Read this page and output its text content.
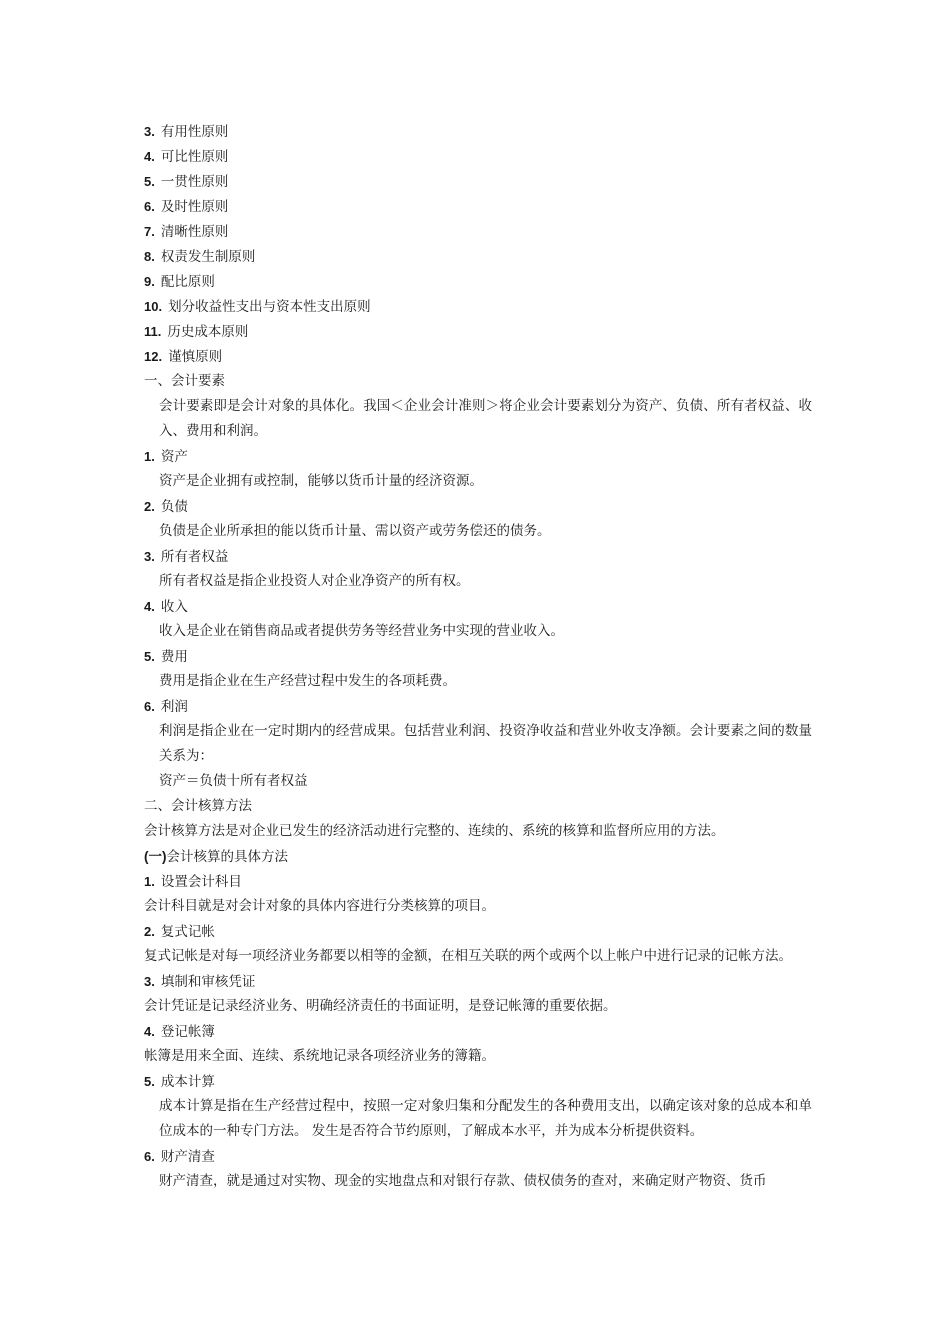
3. 有用性原则
4. 可比性原则
5. 一贯性原则
6. 及时性原则
7. 清晰性原则
8. 权责发生制原则
9. 配比原则
10. 划分收益性支出与资本性支出原则
11. 历史成本原则
12. 谨慎原则
一、会计要素
会计要素即是会计对象的具体化。我国＜企业会计准则＞将企业会计要素划分为资产、负债、所有者权益、收入、费用和利润。
1. 资产
资产是企业拥有或控制，能够以货币计量的经济资源。
2. 负债
负债是企业所承担的能以货币计量、需以资产或劳务偿还的债务。
3. 所有者权益
所有者权益是指企业投资人对企业净资产的所有权。
4. 收入
收入是企业在销售商品或者提供劳务等经营业务中实现的营业收入。
5. 费用
费用是指企业在生产经营过程中发生的各项耗费。
6. 利润
利润是指企业在一定时期内的经营成果。包括营业利润、投资净收益和营业外收支净额。会计要素之间的数量关系为：
资产＝负债十所有者权益
二、会计核算方法
会计核算方法是对企业已发生的经济活动进行完整的、连续的、系统的核算和监督所应用的方法。
(一)会计核算的具体方法
1. 设置会计科目
会计科目就是对会计对象的具体内容进行分类核算的项目。
2. 复式记帐
复式记帐是对每一项经济业务都要以相等的金额，在相互关联的两个或两个以上帐户中进行记录的记帐方法。
3. 填制和审核凭证
会计凭证是记录经济业务、明确经济责任的书面证明，是登记帐簿的重要依据。
4. 登记帐簿
帐簿是用来全面、连续、系统地记录各项经济业务的簿籍。
5. 成本计算
成本计算是指在生产经营过程中，按照一定对象归集和分配发生的各种费用支出，以确定该对象的总成本和单位成本的一种专门方法。 发生是否符合节约原则，了解成本水平，并为成本分析提供资料。
6. 财产清查
财产清查，就是通过对实物、现金的实地盘点和对银行存款、债权债务的查对，来确定财产物资、货币
